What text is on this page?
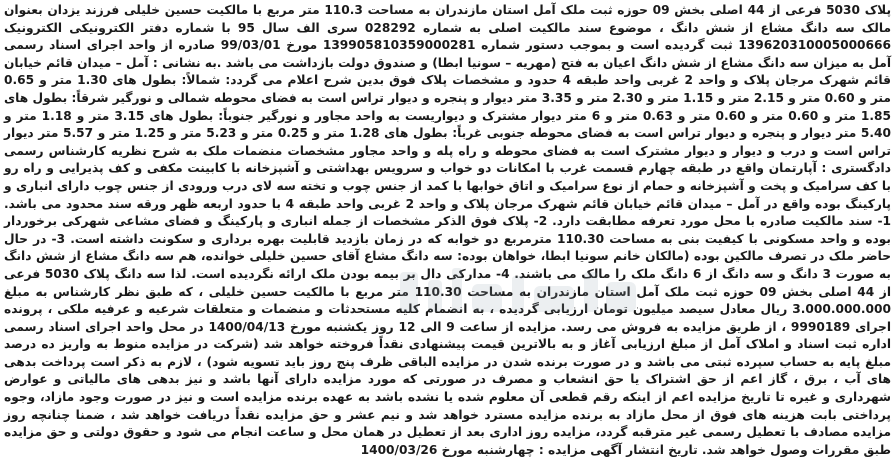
پلاک 5030 فرعی از 44 اصلی بخش 09 حوزه ثبت ملک آمل استان مازندران به مساحت 110.3 متر مربع با مالکیت حسین خلیلی فرزند یزدان بعنوان مالک سه دانگ مشاع از شش دانگ ، موضوع سند مالکیت اصلی به شماره 028292 سری الف سال 95 با شماره دفتر الکترونیکی الکترونیک 139620310005000666 ثبت گردیده است و بموجب دستور شماره 139905810359000281 مورخ 99/03/01 صادره از واحد اجرای اسناد رسمی آمل به میزان سه دانگ مشاع از شش دانگ اعیان به فتح (مهریه – سونیا ابطا) و صندوق دولت بازداشت می باشد .به نشانی : آمل – میدان قائم خیابان قائم شهرک مرجان پلاک و واحد 2 غربی واحد طبقه 4 حدود و مشخصات پلاک فوق بدین شرح اعلام می گردد: شمالاً: بطول های 1.30 متر و 0.65 متر و 0.60 متر و 2.15 متر و 1.15 متر و 2.30 متر و 3.35 متر دیوار و پنجره و دیوار تراس است به فضای محوطه شمالی و نورگیر شرقاً: بطول های 1.85 متر و 0.60 متر و 0.60 متر و 0.63 متر و 6 متر دیوار مشترک و دیواریست به واحد مجاور و نورگیر جنوباً: بطول های 3.15 متر و 1.18 متر و 5.40 متر دیوار و پنجره و دیوار تراس است به فضای محوطه جنوبی غرباً: بطول های 1.28 متر و 0.25 متر و 5.23 متر و 1.25 متر و 5.57 متر دیوار تراس است و درب و دیوار و دیوار مشترک است به فضای محوطه و راه پله و واحد مجاور مشخصات منضمات ملک به شرح نظریه کارشناس رسمی دادگستری : آپارتمان واقع در طبقه چهارم قسمت غرب با امکانات دو خواب و سرویس بهداشتی و آشپزخانه با کابینت مکفی و کف پذیرایی و راه رو با کف سرامیک و پخت و آشپزخانه و حمام از نوع سرامیک و اتاق خوابها با کمد از جنس چوب و تخته سه لای درب ورودی از جنس چوب دارای انباری و پارکینگ بوده واقع در آمل – میدان قائم خیابان قائم شهرک مرجان پلاک و واحد 2 غربی واحد طبقه 4 با حدود اربعه ظهر ورقه سند محدود می باشد. 1- سند مالکیت صادره با محل مورد تعرفه مطابقت دارد. 2- پلاک فوق الذکر مشخصات از جمله انباری و پارکینگ و فضای مشاعی شهرکی برخوردار بوده و واحد مسکونی با کیفیت بنی به مساحت 110.30 مترمربع دو خوابه که در زمان بازدید قابلیت بهره برداری و سکونت داشته است. 3- در حال حاضر ملک در تصرف مالکین بوده (مالکان خانم سونیا ابطا، خواهان بوده: سه دانگ مشاع آقای حسین خلیلی خوانده، هم سه دانگ مشاع از شش دانگ به صورت 3 دانگ و سه دانگ از 6 دانگ ملک را مالک می باشند. 4- مدارکی دال بر بیمه بودن ملک ارائه نگردیده است. لذا سه دانگ پلاک 5030 فرعی از 44 اصلی بخش 09 حوزه ثبت ملک آمل استان مازندران به مساحت 110.30 متر مربع با مالکیت حسین خلیلی ، که طبق نظر کارشناس به مبلغ 3.000.000.000 ریال معادل سیصد میلیون تومان ارزیابی گردیده ، به انضمام کلیه مستحدثات و منضمات و متعلقات شرعیه و عرفیه ملکی ، پرونده اجرای 9990189 ، از طریق مزایده به فروش می رسد. مزایده از ساعت 9 الی 12 روز یکشنبه مورخ 1400/04/13 در محل واحد اجرای اسناد رسمی اداره ثبت اسناد و املاک آمل از مبلغ ارزیابی آغاز و به بالاترین قیمت پیشنهادی نقداً فروخته خواهد شد (شرکت در مزایده منوط به واریز ده درصد مبلغ پایه به حساب سپرده ثبتی می باشد و در صورت برنده شدن در مزایده الباقی ظرف پنج روز باید تسویه شود) ، لازم به ذکر است پرداخت بدهی های آب ، برق ، گاز اعم از حق اشتراک یا حق انشعاب و مصرف در صورتی که مورد مزایده دارای آنها باشد و نیز بدهی های مالیاتی و عوارض شهرداری و غیره تا تاریخ مزایده اعم از اینکه رقم قطعی آن معلوم شده یا نشده باشد به عهده برنده مزایده است و نیز در صورت وجود مازاد، وجوه پرداختی بابت هزینه های فوق از محل مازاد به برنده مزایده مسترد خواهد شد و نیم عشر و حق مزایده نقداً دریافت خواهد شد ، ضمنا چنانچه روز مزایده مصادف با تعطیل رسمی غیر مترقبه گردد، مزایده روز اداری بعد از تعطیل در همان محل و ساعت انجام می شود و حقوق دولتی و حق مزایده طبق مقررات وصول خواهد شد. تاریخ انتشار آگهی مزایده : چهارشنبه مورخ 1400/03/26
